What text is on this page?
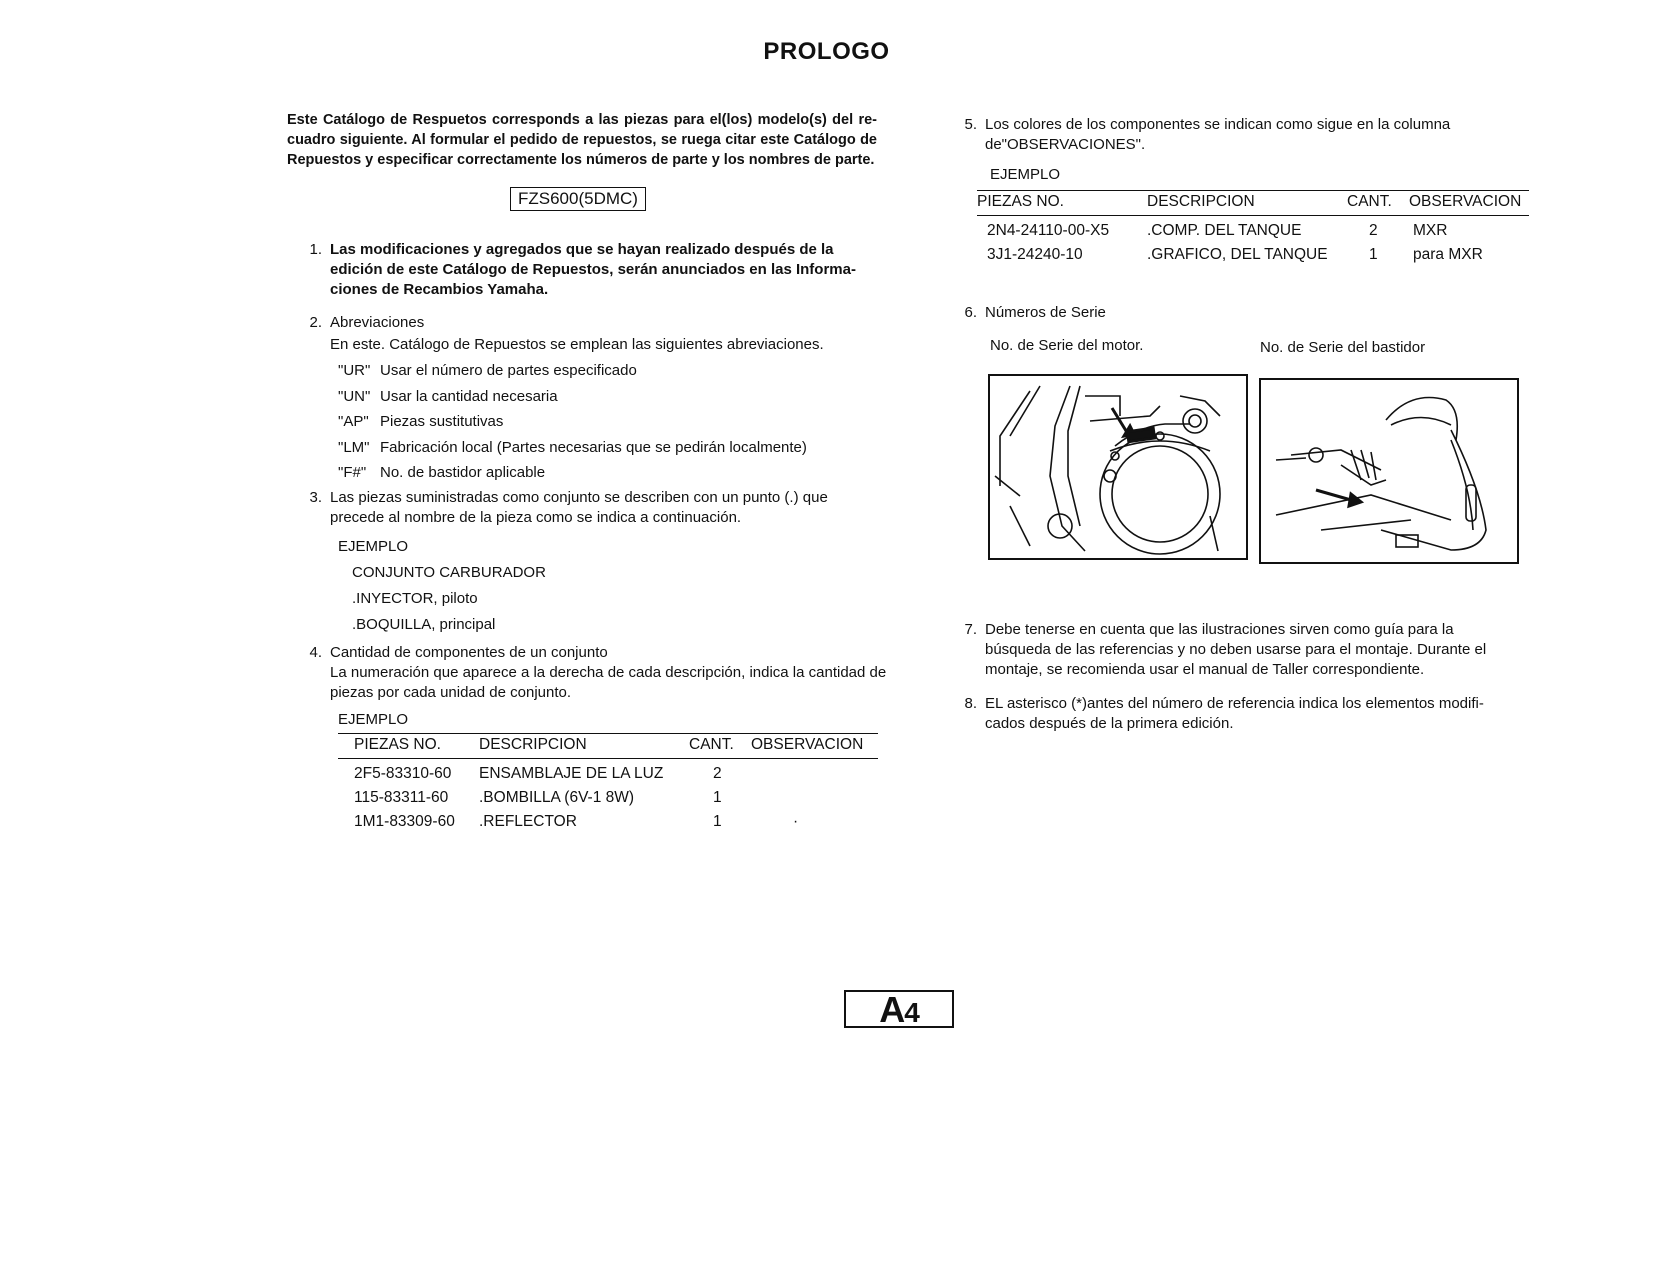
PROLOGO
Este Catálogo de Respuetos corresponds a las piezas para el(los) modelo(s) del re-cuadro siguiente. Al formular el pedido de repuestos, se ruega citar este Catálogo de Repuestos y especificar correctamente los números de parte y los nombres de parte.
FZS600(5DMC)
1. Las modificaciones y agregados que se hayan realizado después de la edición de este Catálogo de Repuestos, serán anunciados en las Informa-ciones de Recambios Yamaha.
2. Abreviaciones
En este. Catálogo de Repuestos se emplean las siguientes abreviaciones.
"UR" Usar el número de partes especificado
"UN" Usar la cantidad necesaria
"AP" Piezas sustitutivas
"LM" Fabricación local (Partes necesarias que se pedirán localmente)
"F#" No. de bastidor aplicable
3. Las piezas suministradas como conjunto se describen con un punto (.) que precede al nombre de la pieza como se indica a continuación.
EJEMPLO
CONJUNTO CARBURADOR
.INYECTOR, piloto
.BOQUILLA, principal
4. Cantidad de componentes de un conjunto
La numeración que aparece a la derecha de cada descripción, indica la cantidad de piezas por cada unidad de conjunto.
EJEMPLO
PIEZAS NO.	DESCRIPCION	CANT.	OBSERVACION
2F5-83310-60	ENSAMBLAJE DE LA LUZ	2	
115-83311-60	.BOMBILLA (6V-1 8W)	1	
1M1-83309-60	.REFLECTOR	1	·
5. Los colores de los componentes se indican como sigue en la columna de"OBSERVACIONES".
EJEMPLO
PIEZAS NO.	DESCRIPCION	CANT.	OBSERVACION
2N4-24110-00-X5	.COMP. DEL TANQUE	2	MXR
3J1-24240-10	.GRAFICO, DEL TANQUE	1	para MXR
6. Números de Serie
No. de Serie del motor.	No. de Serie del bastidor
7. Debe tenerse en cuenta que las ilustraciones sirven como guía para la búsqueda de las referencias y no deben usarse para el montaje. Durante el montaje, se recomienda usar el manual de Taller correspondiente.
8. EL asterisco (*)antes del número de referencia indica los elementos modifi-cados después de la primera edición.
A4
